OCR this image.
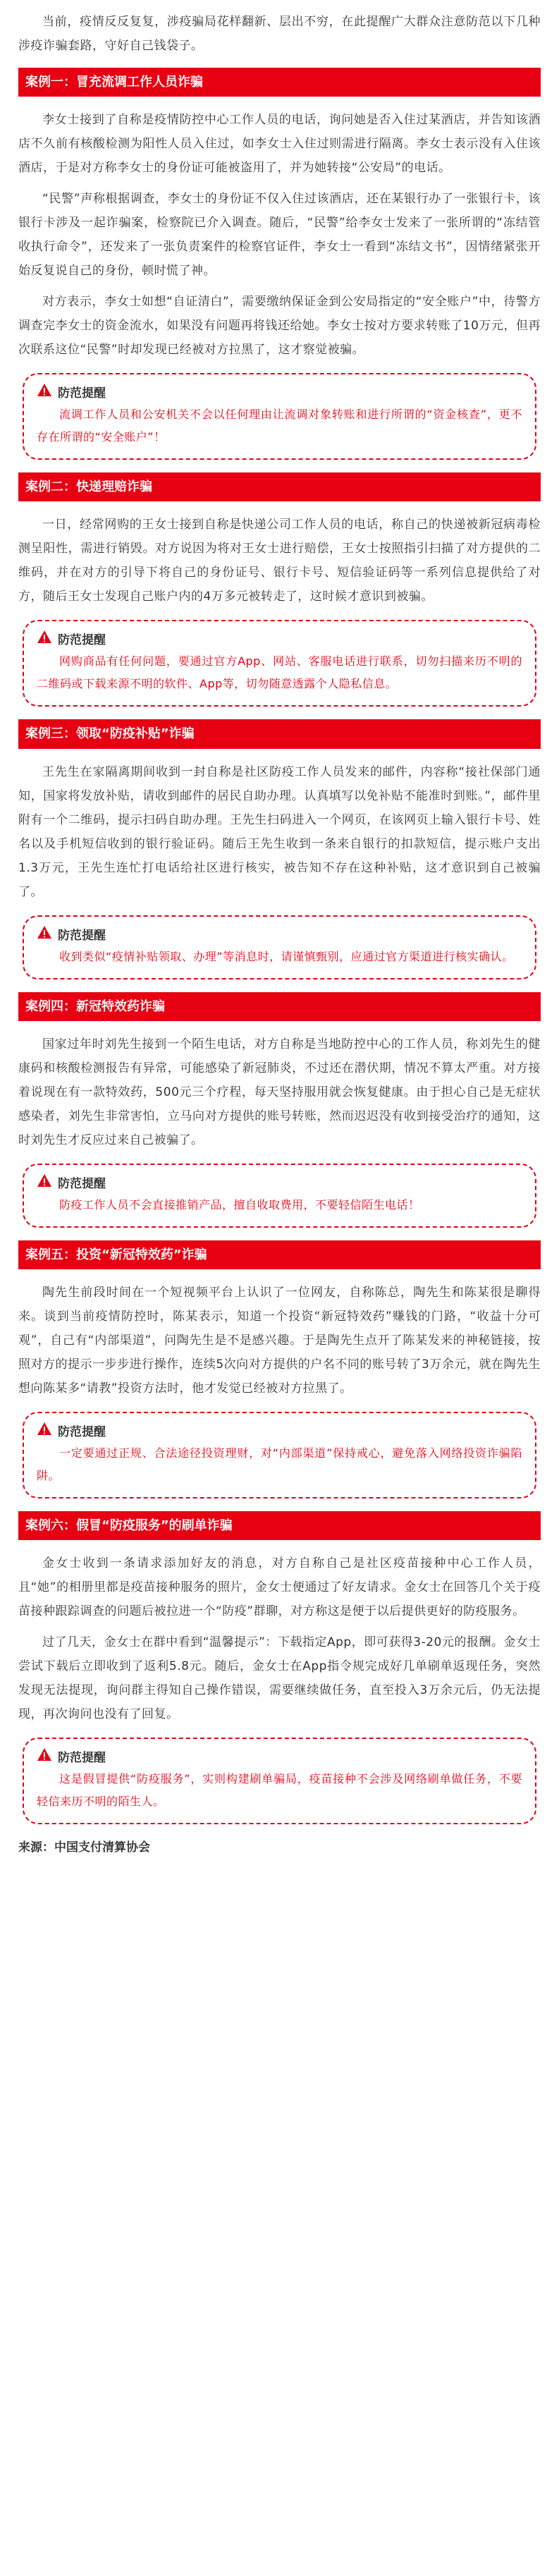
当前，疫情反反复复，涉疫骗局花样翻新、层出不穷，在此提醒广大群众注意防范以下几种涉疫诈骗套路，守好自己钱袋子。

案例一：冒充流调工作人员诈骗

李女士接到了自称是疫情防控中心工作人员的电话，询问她是否入住过某酒店，并告知该酒店不久前有核酸检测为阳性人员入住过，如李女士入住过则需进行隔离。李女士表示没有入住该酒店，于是对方称李女士的身份证可能被盗用了，并为她转接“公安局”的电话。

“民警”声称根据调查，李女士的身份证不仅入住过该酒店，还在某银行办了一张银行卡，该银行卡涉及一起诈骗案，检察院已介入调查。随后，“民警”给李女士发来了一张所谓的“冻结管收执行命令”，还发来了一张负责案件的检察官证件，李女士一看到“冻结文书”，因情绪紧张开始反复说自己的身份，顿时慌了神。

对方表示，李女士如想“自证清白”，需要缴纳保证金到公安局指定的“安全账户”中，待警方调查完李女士的资金流水，如果没有问题再将钱还给她。李女士按对方要求转账了10万元，但再次联系这位“民警”时却发现已经被对方拉黑了，这才察觉被骗。

防范提醒

流调工作人员和公安机关不会以任何理由让流调对象转账和进行所谓的“资金核查”，更不存在所谓的“安全账户”！

案例二：快递理赔诈骗

一日，经常网购的王女士接到自称是快递公司工作人员的电话，称自己的快递被新冠病毒检测呈阳性，需进行销毁。对方说因为将对王女士进行赔偿，王女士按照指引扫描了对方提供的二维码，并在对方的引导下将自己的身份证号、银行卡号、短信验证码等一系列信息提供给了对方，随后王女士发现自己账户内的4万多元被转走了，这时候才意识到被骗。

防范提醒

网购商品有任何问题，要通过官方App、网站、客服电话进行联系，切勿扫描来历不明的二维码或下载来源不明的软件、App等，切勿随意透露个人隐私信息。

案例三：领取“防疫补贴”诈骗

王先生在家隔离期间收到一封自称是社区防疫工作人员发来的邮件，内容称“接社保部门通知，国家将发放补贴，请收到邮件的居民自助办理。认真填写以免补贴不能准时到账。”，邮件里附有一个二维码，提示扫码自助办理。王先生扫码进入一个网页，在该网页上输入银行卡号、姓名以及手机短信收到的银行验证码。随后王先生收到一条来自银行的扣款短信，提示账户支出1.3万元，王先生连忙打电话给社区进行核实，被告知不存在这种补贴，这才意识到自己被骗了。

防范提醒

收到类似“疫情补贴领取、办理”等消息时，请谨慎甄别，应通过官方渠道进行核实确认。

案例四：新冠特效药诈骗

国家过年时刘先生接到一个陌生电话，对方自称是当地防控中心的工作人员，称刘先生的健康码和核酸检测报告有异常，可能感染了新冠肺炎，不过还在潜伏期，情况不算太严重。对方接着说现在有一款特效药，500元三个疗程，每天坚持服用就会恢复健康。由于担心自己是无症状感染者，刘先生非常害怕，立马向对方提供的账号转账，然而迟迟没有收到接受治疗的通知，这时刘先生才反应过来自己被骗了。

防范提醒

防疫工作人员不会直接推销产品，擅自收取费用，不要轻信陌生电话！

案例五：投资“新冠特效药”诈骗

陶先生前段时间在一个短视频平台上认识了一位网友，自称陈总，陶先生和陈某很是聊得来。谈到当前疫情防控时，陈某表示，知道一个投资“新冠特效药”赚钱的门路，“收益十分可观”，自己有“内部渠道”，问陶先生是不是感兴趣。于是陶先生点开了陈某发来的神秘链接，按照对方的提示一步步进行操作，连续5次向对方提供的户名不同的账号转了3万余元，就在陶先生想向陈某多“请教”投资方法时，他才发觉已经被对方拉黑了。

防范提醒

一定要通过正规、合法途径投资理财，对“内部渠道”保持戒心，避免落入网络投资诈骗陷阱。

案例六：假冒“防疫服务”的刷单诈骗

金女士收到一条请求添加好友的消息，对方自称自己是社区疫苗接种中心工作人员，且“她”的相册里都是疫苗接种服务的照片，金女士便通过了好友请求。金女士在回答几个关于疫苗接种跟踪调查的问题后被拉进一个“防疫”群聊，对方称这是便于以后提供更好的防疫服务。

过了几天，金女士在群中看到“温馨提示”：下载指定App，即可获得3-20元的报酬。金女士尝试下载后立即收到了返利5.8元。随后，金女士在App指令规完成好几单刷单返现任务，突然发现无法提现，询问群主得知自己操作错误，需要继续做任务，直至投入3万余元后，仍无法提现，再次询问也没有了回复。

防范提醒

这是假冒提供“防疫服务”，实则构建刷单骗局，疫苗接种不会涉及网络刷单做任务，不要轻信来历不明的陌生人。

来源：中国支付清算协会
